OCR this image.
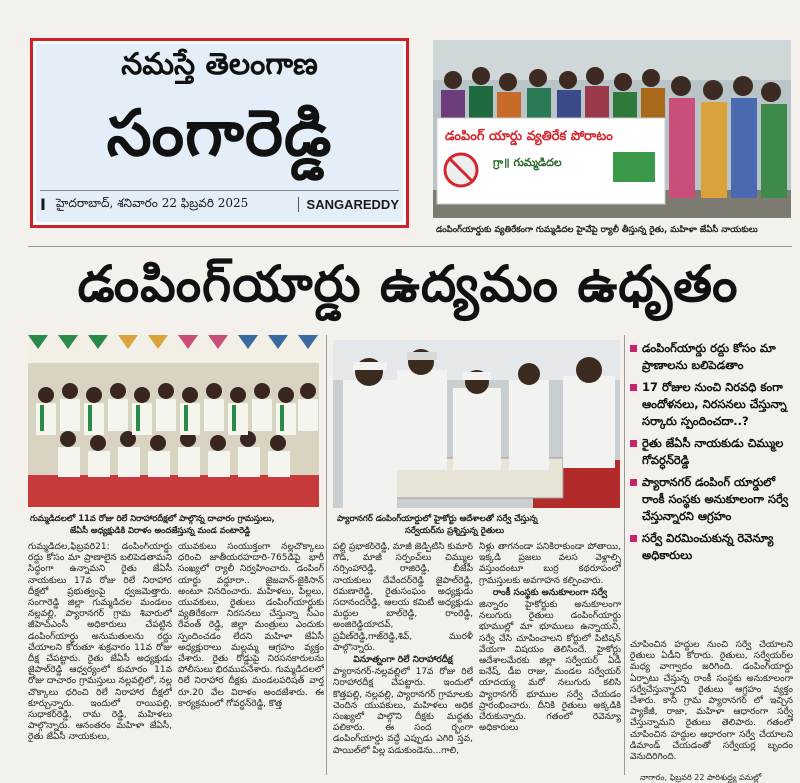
నమస్తే తెలంగాణ
సంగారెడ్డి
I హైదరాబాద్, శనివారం 22 ఫిబ్రవరి 2025	SANGAREDDY
డంపింగ్ యార్డు వ్యతిరేక పోరాటం
గ్రా॥ గుమ్మడిదల
డంపింగ్‌యార్డుకు వ్యతిరేకంగా గుమ్మడిదల హైవేపై ర్యాలీ తీస్తున్న రైతు, మహిళా జేఏసీ నాయకులు
డంపింగ్‌యార్డు ఉద్యమం ఉధృతం
గుమ్మడిదలలో 11వ రోజు రిలే నిరాహారదీక్షలో పాల్గొన్న దాచారం గ్రామస్తులు,
జేఏసీ అధ్యక్షుడికి విరాళం అందజేస్తున్న మండ వంటారెడ్డి
ప్యారానగర్ డంపింగ్‌యార్డులో హైకోర్టు ఆదేశాలతో సర్వే చేస్తున్న
సర్వేయర్‌ను ప్రశ్నిస్తున్న రైతులు
డంపింగ్‌యార్డు రద్దు కోసం మా ప్రాణాలను బలిపెడతాం
17 రోజుల నుంచి నిరవధి కంగా ఆందోళనలు, నిరసనలు చేస్తున్నా సర్కారు స్పందించదా..?
రైతు జేఏసీ నాయకుడు చిమ్ముల గోవర్ధన్‌రెడ్డి
ప్యారానగర్ డంపింగ్ యార్డులో రాంకీ సంస్థకు అనుకూలంగా సర్వే చేస్తున్నారని ఆగ్రహం
సర్వే విరమించుకున్న రెవెన్యూ అధికారులు

గుమ్మడిదల,ఫిబ్రవరి21: డంపింగ్‌యార్డు రద్దు కోసం మా ప్రాణాలైన బలిపెడతామని సిద్ధంగా ఉన్నామని రైతు జేఏసీ నాయకులు 17వ రోజు రిలే నిరాహార దీక్షలో ప్రభుత్వంపై ధ్వజమెత్తారు. సంగారెడ్డి జిల్లా గుమ్మడిదల మండలం నల్లవల్లి, ప్యారానగర్ గ్రామ శివారులో జీహెచ్‌ఎంసీ అధికారులు చేపట్టిన డంపింగ్‌యార్డు అనుమతులను రద్దు చేయాలని కోరుతూ శుక్రవారం 11వ రోజు దీక్ష చేపట్టారు. రైతు జేఏసీ అధ్యక్షుడు జైపాల్‌రెడ్డి ఆధ్వర్యంలో కుమారం 11వ రోజు దాచారం గ్రామస్తులు నల్లవల్లిలో, నల్ల చొక్కాలు ధరించి రిలే నిరాహార దీక్షలో కూర్చున్నారు. ఇందులో రాయిపల్లి, సుధాకర్‌రెడ్డి, రామ రెడ్డి, మహిళలు పాల్గొన్నారు. ఆనంతరం మహిళా జేఏసీ, రైతు జేఏసీ నాయకులు,

యువకులు సంయుక్తంగా నల్లచొక్కాలు ధరించి జాతీయరహదారి-765డిపై భారీ సంఖ్యలో ర్యాలీ నిర్వహించారు. డంపింగ్ యార్డు వద్దూరా.. జైజవాన్-జైకిసాన్ అంటూ నినదించారు. మహిళలు, పిల్లలు, యువకులు, రైతులు డంపింగ్‌యార్డుకు వ్యతిరేకంగా నిరసనలు చేస్తున్నా సీఎం రేవంత్ రెడ్డి, జిల్లా మంత్రులు ఎందుకు స్పందించడం లేదని మహిళా జేఏసీ అధ్యక్షురాలు మల్లమ్మ ఆగ్రహం వ్యక్తం చేశారు. రైతు రోడ్డుపై నిరసనకారులను పోలీసులు భిరముపనేశారు. గుమ్మడిదలలో రిలే నిరాహార దీక్షకు మండలపరిషత్ వార్త రూ.20 వేల విరాళం అందజేశారు. ఈ కార్యక్రమంలో గోవర్ధన్‌రెడ్డి, కొత్త

పల్లి ప్రభాకర్‌రెడ్డి, మాజీ జెడ్పీటీసీ కుమార్ గౌడ్, మాజీ సర్పంచ్‌లు చిమ్ముల నర్సింహారెడ్డి, రాజిరెడ్డి, బీజేపీ నాయకులు దేవేందర్‌రెడ్డి జైపాల్‌రెడ్డి, రమణారెడ్డి, రైతుసంఘం అధ్యక్షుడు సదానందరెడ్డి, ఆలయ కమిటీ అధ్యక్షుడు మద్దుల బాల్‌రెడ్డి, రాంరెడ్డి, అంజిరెడ్డియాదవ్, ప్రవీణ్‌రెడ్డి,గాజ్‌రెడ్డి,శివ్‌, మురళీ పాల్గొన్నారు.

వినూత్నంగా రిలే నిరాహారదీక్ష

ప్యారానగర్-నల్లవల్లిలో 17వ రోజు రిలే నిరాహారదీక్ష చేపట్టారు. ఇందులో కొత్తపల్లి, నల్లవల్లి, ప్యారానగర్ గ్రామాలకు చెందిన యువకులు, మహిళలు అధిక సంఖ్యలో పాల్గొని దీక్షకు మద్దతు పలికారు. ఈ సంద ర్భంగా డంపింగ్‌యార్డు వద్దే ఎప్పుడు ఎగిరి స్తవ, పాయిల్‌లో పిల్ల పడుకుండెను...గాలి,

నీళ్లు తాగనండా పనికిరాకుండా పోతాయి, ఇక్కడి ప్రజలు వలస వెళ్లాల్సి వస్తుందంటూ బుర్ర కథరూపంలో గ్రామస్తులకు అవగాహన కల్పించారు.

రాంకీ సంస్థకు అనుకూలంగా సర్వే

జిన్నారం హైకోర్టుకు అనుకూలంగా నలుగురు రైతులు డంపింగ్‌యార్డు భూముల్లో మా భూములు ఉన్నాయని, సర్వే చేసి చూపించాలని కోర్టులో పిటిషన్ వేయగా విషయం తెలిసిందే. హైకోర్టు ఆదేశాలమేరకు జిల్లా సర్వేయర్ ఏడీ ఐనేష్, డీఐ రాజు, మండల సర్వేయర్ యాదయ్య మరో నలుగురు కలిసి ప్యారానగర్ భూముల సర్వే చేయడం ప్రారంభించారు. దీనికి రైతులు అక్కడికి చేరుకున్నారు. గతంలో రెవెన్యూ అధికారులు

చూపించిన హద్దుల నుంచి సర్వే చేయాలని రైతులు ఏడీని కోరారు. రైతులు, సర్వేయర్‌ల మధ్య వాగ్వాదం జరిగింది. డంపింగ్‌యార్డు ఏర్పాటు చేస్తున్న రాంకీ సంస్థకు అనుకూలంగా సర్వేచేస్తున్నారని రైతులు ఆగ్రహం వ్యక్తం చేశారు. కానీ గ్రామ ప్యారానగర్ లో ఇచ్చిన ప్యాకేజీ, రాజా, మహిళా ఆధారంగా సర్వే చేస్తున్నామని రైతులు తెలిపారు. గతంలో చూపించిన హద్దుల ఆధారంగా సర్వే చేయాలని డిమాండ్ చేయడంతో సర్వేయర్ల బృందం వెనుదిరిగింది.

నాగారం, ఫిబ్రవరి 22 పారిశుద్ధ్య పనుల్లో
